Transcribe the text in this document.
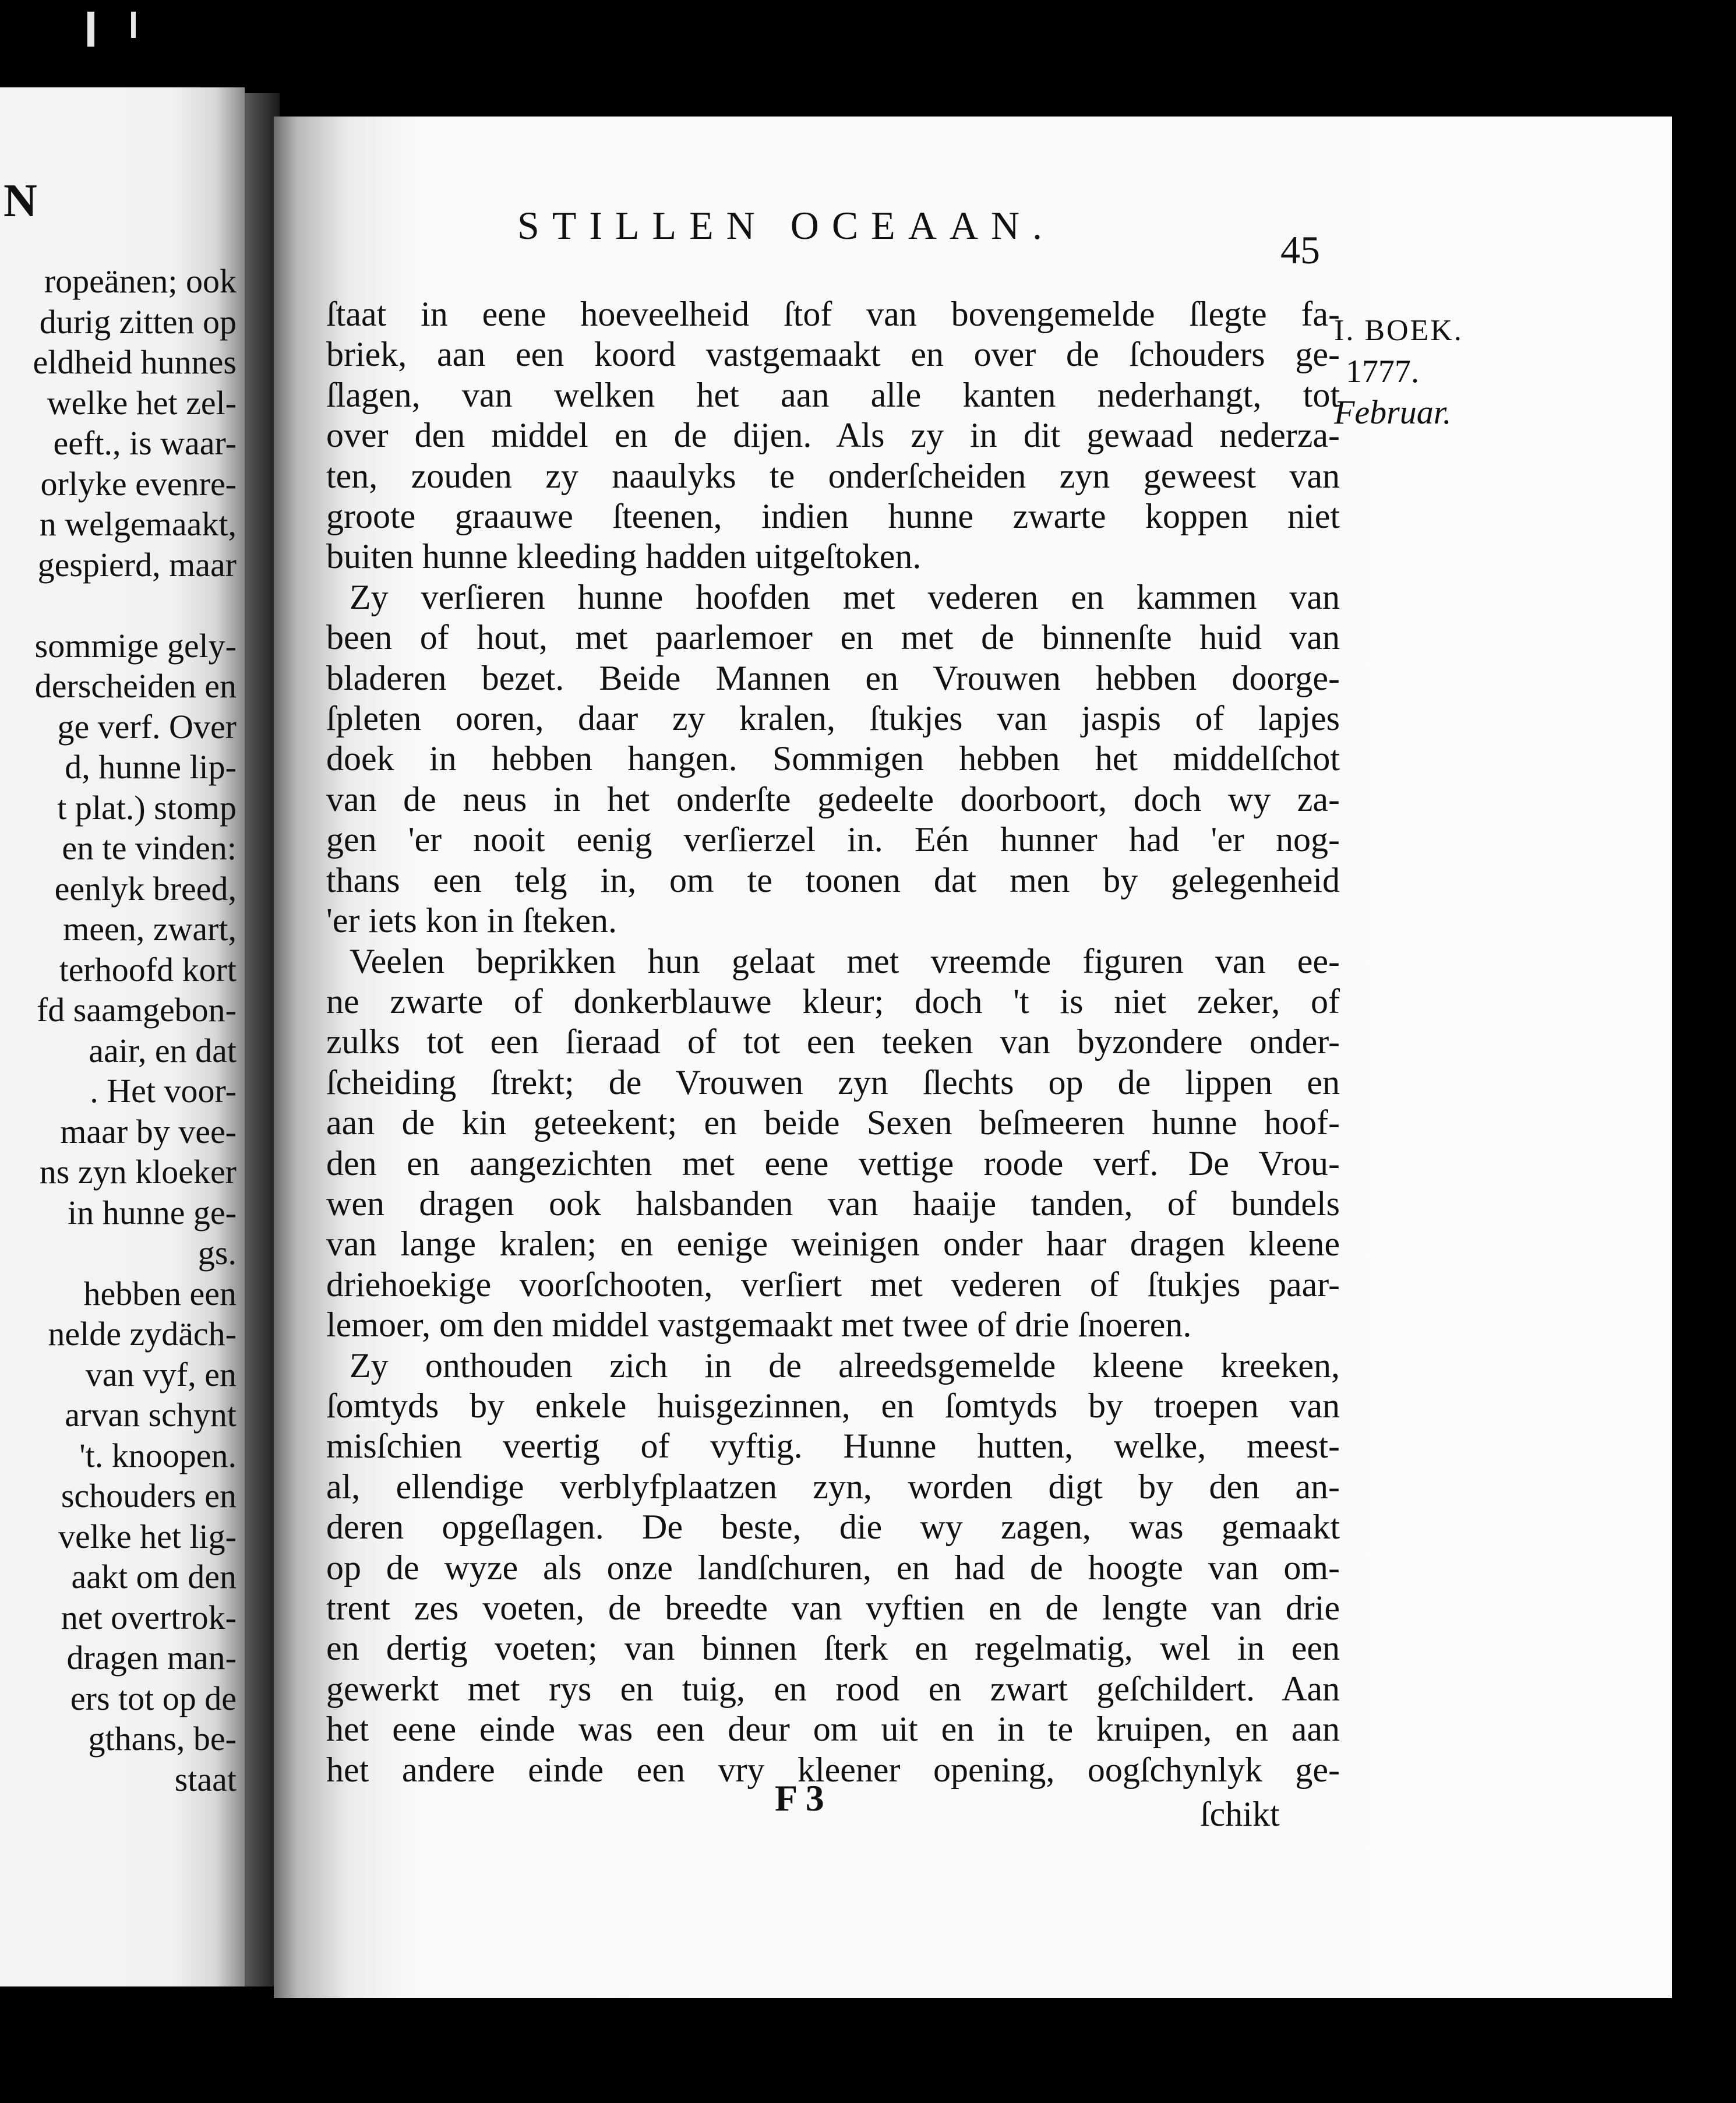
N
ropeänen; ook
durig zitten op
eldheid hunnes
welke het zel-
eeft., is waar-
orlyke evenre-
n welgemaakt,
gespierd, maar

sommige gely-
derscheiden en
ge verf. Over
d, hunne lip-
t plat.) stomp
en te vinden:
eenlyk breed,
meen, zwart,
terhoofd kort
fd saamgebon-
aair, en dat
. Het voor-
maar by vee-
ns zyn kloeker
in hunne ge-
gs.
hebben een
nelde zydäch-
van vyf, en
arvan schynt
't. knoopen.
schouders en
velke het lig-
aakt om den
net overtrok-
dragen man-
ers tot op de
gthans, be-
staat
STILLEN OCEAAN.
45
I. BOEK.
1777.
Februar.
ſtaat in eene hoeveelheid ſtof van bovengemelde ſlegte fa-
briek, aan een koord vastgemaakt en over de ſchouders ge-
ſlagen, van welken het aan alle kanten nederhangt, tot
over den middel en de dijen. Als zy in dit gewaad nederza-
ten, zouden zy naaulyks te onderſcheiden zyn geweest van
groote graauwe ſteenen, indien hunne zwarte koppen niet
buiten hunne kleeding hadden uitgeſtoken.
Zy verſieren hunne hoofden met vederen en kammen van
been of hout, met paarlemoer en met de binnenſte huid van
bladeren bezet. Beide Mannen en Vrouwen hebben doorge-
ſpleten ooren, daar zy kralen, ſtukjes van jaspis of lapjes
doek in hebben hangen. Sommigen hebben het middelſchot
van de neus in het onderſte gedeelte doorboort, doch wy za-
gen 'er nooit eenig verſierzel in. Eén hunner had 'er nog-
thans een telg in, om te toonen dat men by gelegenheid
'er iets kon in ſteken.
Veelen beprikken hun gelaat met vreemde figuren van ee-
ne zwarte of donkerblauwe kleur; doch 't is niet zeker, of
zulks tot een ſieraad of tot een teeken van byzondere onder-
ſcheiding ſtrekt; de Vrouwen zyn ſlechts op de lippen en
aan de kin geteekent; en beide Sexen beſmeeren hunne hoof-
den en aangezichten met eene vettige roode verf. De Vrou-
wen dragen ook halsbanden van haaije tanden, of bundels
van lange kralen; en eenige weinigen onder haar dragen kleene
driehoekige voorſchooten, verſiert met vederen of ſtukjes paar-
lemoer, om den middel vastgemaakt met twee of drie ſnoeren.
Zy onthouden zich in de alreedsgemelde kleene kreeken,
ſomtyds by enkele huisgezinnen, en ſomtyds by troepen van
misſchien veertig of vyftig. Hunne hutten, welke, meest-
al, ellendige verblyfplaatzen zyn, worden digt by den an-
deren opgeſlagen. De beste, die wy zagen, was gemaakt
op de wyze als onze landſchuren, en had de hoogte van om-
trent zes voeten, de breedte van vyftien en de lengte van drie
en dertig voeten; van binnen ſterk en regelmatig, wel in een
gewerkt met rys en tuig, en rood en zwart geſchildert. Aan
het eene einde was een deur om uit en in te kruipen, en aan
het andere einde een vry kleener opening, oogſchynlyk ge-
F 3	ſchikt
